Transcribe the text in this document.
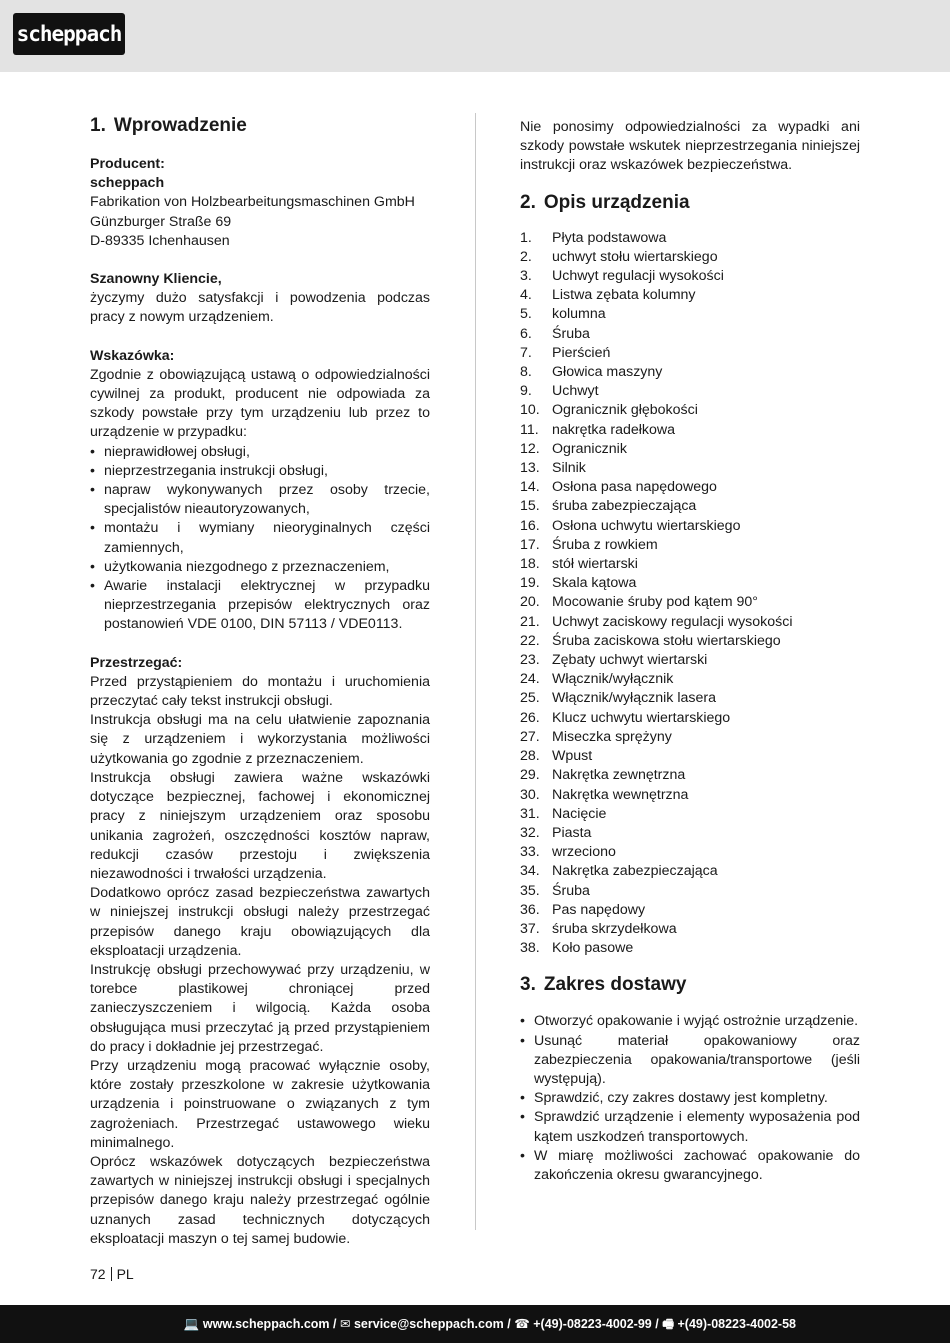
scheppach
1. Wprowadzenie
Producent:
scheppach
Fabrikation von Holzbearbeitungsmaschinen GmbH
Günzburger Straße 69
D-89335 Ichenhausen
Szanowny Kliencie,

życzymy dużo satysfakcji i powodzenia podczas pracy z nowym urządzeniem.

Wskazówka:

Zgodnie z obowiązującą ustawą o odpowiedzialności cywilnej za produkt, producent nie odpowiada za szkody powstałe przy tym urządzeniu lub przez to urządzenie w przypadku:

• nieprawidłowej obsługi,
• nieprzestrzegania instrukcji obsługi,
• napraw wykonywanych przez osoby trzecie, specjalistów nieautoryzowanych,
• montażu i wymiany nieoryginalnych części zamiennych,
• użytkowania niezgodnego z przeznaczeniem,
• Awarie instalacji elektrycznej w przypadku nieprzestrzegania przepisów elektrycznych oraz postanowień VDE 0100, DIN 57113 / VDE0113.
Przestrzegać:

Przed przystąpieniem do montażu i uruchomienia przeczytać cały tekst instrukcji obsługi.

Instrukcja obsługi ma na celu ułatwienie zapoznania się z urządzeniem i wykorzystania możliwości użytkowania go zgodnie z przeznaczeniem.

Instrukcja obsługi zawiera ważne wskazówki dotyczące bezpiecznej, fachowej i ekonomicznej pracy z niniejszym urządzeniem oraz sposobu unikania zagrożeń, oszczędności kosztów napraw, redukcji czasów przestoju i zwiększenia niezawodności i trwałości urządzenia.

Dodatkowo oprócz zasad bezpieczeństwa zawartych w niniejszej instrukcji obsługi należy przestrzegać przepisów danego kraju obowiązujących dla eksploatacji urządzenia.

Instrukcję obsługi przechowywać przy urządzeniu, w torebce plastikowej chroniącej przed zanieczyszczeniem i wilgocią. Każda osoba obsługująca musi przeczytać ją przed przystąpieniem do pracy i dokładnie jej przestrzegać.

Przy urządzeniu mogą pracować wyłącznie osoby, które zostały przeszkolone w zakresie użytkowania urządzenia i poinstruowane o związanych z tym zagrożeniach. Przestrzegać ustawowego wieku minimalnego.

Oprócz wskazówek dotyczących bezpieczeństwa zawartych w niniejszej instrukcji obsługi i specjalnych przepisów danego kraju należy przestrzegać ogólnie uznanych zasad technicznych dotyczących eksploatacji maszyn o tej samej budowie.

Nie ponosimy odpowiedzialności za wypadki ani szkody powstałe wskutek nieprzestrzegania niniejszej instrukcji oraz wskazówek bezpieczeństwa.

2. Opis urządzenia
1.	Płyta podstawowa
2.	uchwyt stołu wiertarskiego
3.	Uchwyt regulacji wysokości
4.	Listwa zębata kolumny
5.	kolumna
6.	Śruba
7.	Pierścień
8.	Głowica maszyny
9.	Uchwyt
10. Ogranicznik głębokości
11. nakrętka radełkowa
12. Ogranicznik
13. Silnik
14. Osłona pasa napędowego
15. śruba zabezpieczająca
16. Osłona uchwytu wiertarskiego
17. Śruba z rowkiem
18. stół wiertarski
19. Skala kątowa
20. Mocowanie śruby pod kątem 90°
21. Uchwyt zaciskowy regulacji wysokości
22. Śruba zaciskowa stołu wiertarskiego
23. Zębaty uchwyt wiertarski
24. Włącznik/wyłącznik
25. Włącznik/wyłącznik lasera
26. Klucz uchwytu wiertarskiego
27. Miseczka sprężyny
28. Wpust
29. Nakrętka zewnętrzna
30. Nakrętka wewnętrzna
31. Nacięcie
32. Piasta
33. wrzeciono
34. Nakrętka zabezpieczająca
35. Śruba
36. Pas napędowy
37. śruba skrzydełkowa
38. Koło pasowe
3. Zakres dostawy
• Otworzyć opakowanie i wyjąć ostrożnie urządzenie.
• Usunąć materiał opakowaniowy oraz zabezpieczenia opakowania/transportowe (jeśli występują).
• Sprawdzić, czy zakres dostawy jest kompletny.
• Sprawdzić urządzenie i elementy wyposażenia pod kątem uszkodzeń transportowych.
• W miarę możliwości zachować opakowanie do zakończenia okresu gwarancyjnego.
72 PL
💻 www.scheppach.com / ✉ service@scheppach.com / ☎ +(49)-08223-4002-99 / 🖷 +(49)-08223-4002-58
